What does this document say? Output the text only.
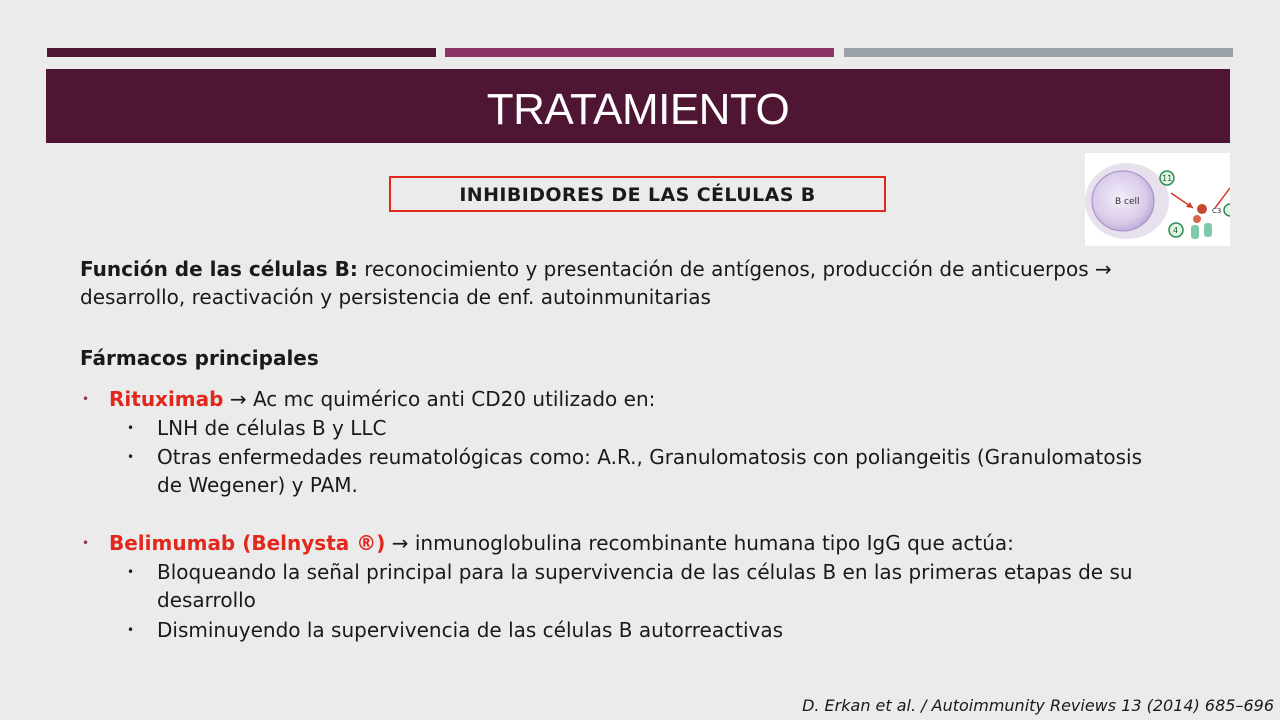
TRATAMIENTO
INHIBIDORES DE LAS CÉLULAS B	B cell
11
4
C3
Función de las células B: reconocimiento y presentación de antígenos, producción de anticuerpos → desarrollo, reactivación y persistencia de enf. autoinmunitarias
Fármacos principales
• Rituximab → Ac mc quimérico anti CD20 utilizado en:
• LNH de células B y LLC
• Otras enfermedades reumatológicas como: A.R., Granulomatosis con poliangeitis (Granulomatosis de Wegener) y PAM.
• Belimumab (Belnysta ®) → inmunoglobulina recombinante humana tipo IgG que actúa:
• Bloqueando la señal principal para la supervivencia de las células B en las primeras etapas de su desarrollo
• Disminuyendo la supervivencia de las células B autorreactivas
D. Erkan et al. / Autoimmunity Reviews 13 (2014) 685–696
